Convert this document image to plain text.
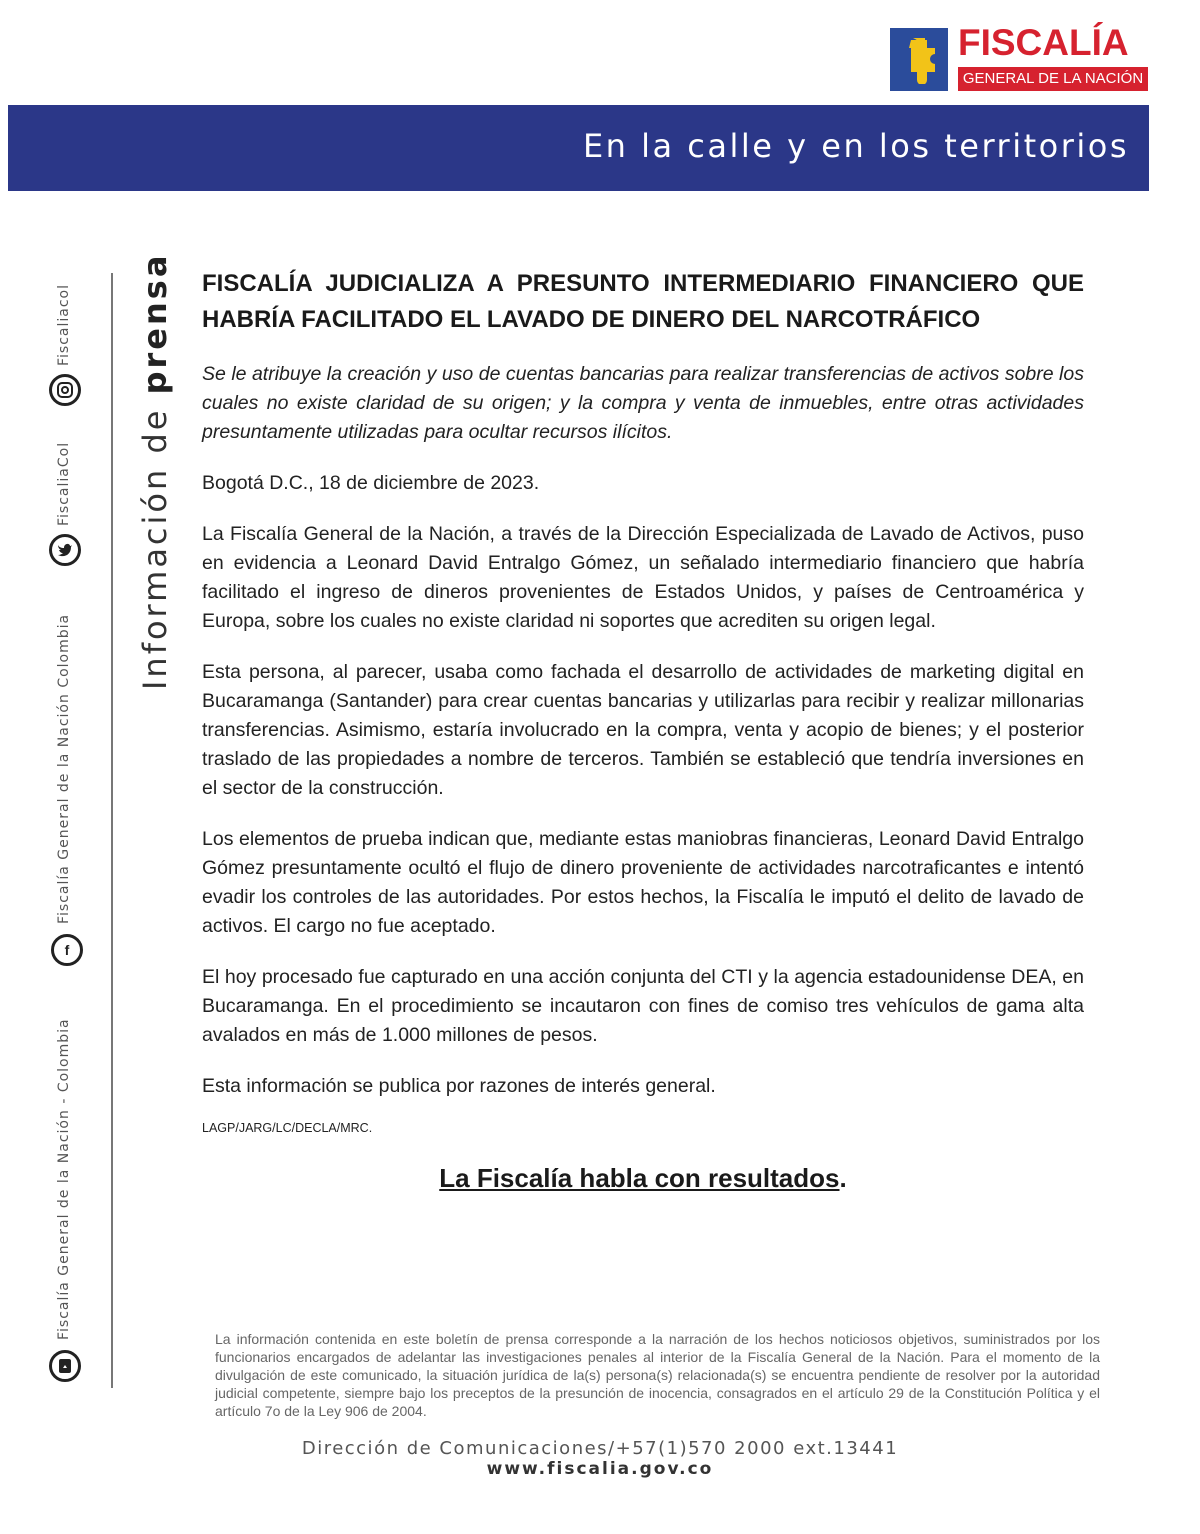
FISCALÍA
GENERAL DE LA NACIÓN
En la calle y en los territorios
Fiscaliacol
FiscaliaCol
f
Fiscalía General de la Nación Colombia
Fiscalía General de la Nación - Colombia
Información de prensa FISCALÍA JUDICIALIZA A PRESUNTO INTERMEDIARIO FINANCIERO QUE HABRÍA FACILITADO EL LAVADO DE DINERO DEL NARCOTRÁFICO

Se le atribuye la creación y uso de cuentas bancarias para realizar transferencias de activos sobre los cuales no existe claridad de su origen; y la compra y venta de inmuebles, entre otras actividades presuntamente utilizadas para ocultar recursos ilícitos.

Bogotá D.C., 18 de diciembre de 2023.

La Fiscalía General de la Nación, a través de la Dirección Especializada de Lavado de Activos, puso en evidencia a Leonard David Entralgo Gómez, un señalado intermediario financiero que habría facilitado el ingreso de dineros provenientes de Estados Unidos, y países de Centroamérica y Europa, sobre los cuales no existe claridad ni soportes que acrediten su origen legal.

Esta persona, al parecer, usaba como fachada el desarrollo de actividades de marketing digital en Bucaramanga (Santander) para crear cuentas bancarias y utilizarlas para recibir y realizar millonarias transferencias. Asimismo, estaría involucrado en la compra, venta y acopio de bienes; y el posterior traslado de las propiedades a nombre de terceros. También se estableció que tendría inversiones en el sector de la construcción.

Los elementos de prueba indican que, mediante estas maniobras financieras, Leonard David Entralgo Gómez presuntamente ocultó el flujo de dinero proveniente de actividades narcotraficantes e intentó evadir los controles de las autoridades. Por estos hechos, la Fiscalía le imputó el delito de lavado de activos. El cargo no fue aceptado.

El hoy procesado fue capturado en una acción conjunta del CTI y la agencia estadounidense DEA, en Bucaramanga. En el procedimiento se incautaron con fines de comiso tres vehículos de gama alta avalados en más de 1.000 millones de pesos.

Esta información se publica por razones de interés general.

LAGP/JARG/LC/DECLA/MRC.

La Fiscalía habla con resultados.

La información contenida en este boletín de prensa corresponde a la narración de los hechos noticiosos objetivos, suministrados por los funcionarios encargados de adelantar las investigaciones penales al interior de la Fiscalía General de la Nación. Para el momento de la divulgación de este comunicado, la situación jurídica de la(s) persona(s) relacionada(s) se encuentra pendiente de resolver por la autoridad judicial competente, siempre bajo los preceptos de la presunción de inocencia, consagrados en el artículo 29 de la Constitución Política y el artículo 7o de la Ley 906 de 2004.
Dirección de Comunicaciones/+57(1)570 2000 ext.13441
www.fiscalia.gov.co
